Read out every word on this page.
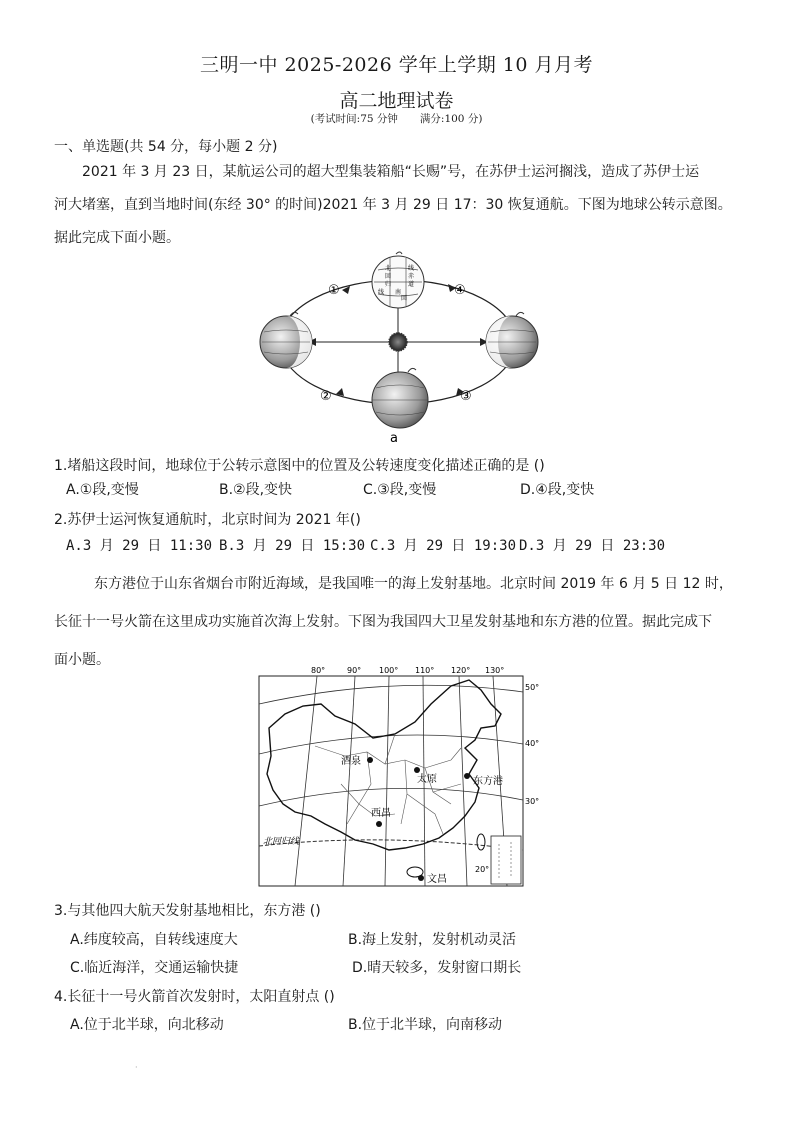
三明一中 2025-2026 学年上学期 10 月月考
高二地理试卷
(考试时间:75 分钟 满分:100 分)
一、单选题(共 54 分，每小题 2 分)
2021 年 3 月 23 日，某航运公司的超大型集装箱船“长赐”号，在苏伊士运河搁浅，造成了苏伊士运
河大堵塞，直到当地时间(东经 30° 的时间)2021 年 3 月 29 日 17：30 恢复通航。下图为地球公转示意图。
据此完成下面小题。
北
回
归
线
赤
道
南
回
线
①
②	③
④
a
1.堵船这段时间，地球位于公转示意图中的位置及公转速度变化描述正确的是 ()
A.①段,变慢	B.②段,变快	C.③段,变慢	D.④段,变快
2.苏伊士运河恢复通航时，北京时间为 2021 年()
A.3 月 29 日 11:30 B.3 月 29 日 15:30 C.3 月 29 日 19:30 D.3 月 29 日 23:30
东方港位于山东省烟台市附近海域，是我国唯一的海上发射基地。北京时间 2019 年 6 月 5 日 12 时，
长征十一号火箭在这里成功实施首次海上发射。下图为我国四大卫星发射基地和东方港的位置。据此完成下
面小题。
80°	90° 100° 110° 120° 130°
50°
40°
30°
20°
酒泉
太原	东方港
西昌
文昌
北回归线
3.与其他四大航天发射基地相比，东方港 ()
A.纬度较高，自转线速度大	B.海上发射，发射机动灵活
C.临近海洋，交通运输快捷	D.晴天较多，发射窗口期长
4.长征十一号火箭首次发射时，太阳直射点 ()
A.位于北半球，向北移动	B.位于北半球，向南移动
·
